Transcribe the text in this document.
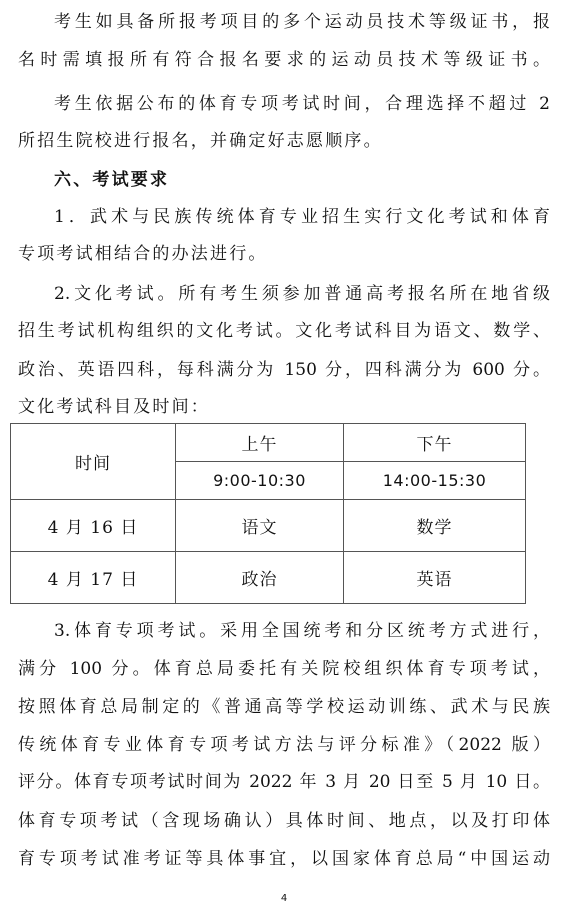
考生如具备所报考项目的多个运动员技术等级证书，报
名时需填报所有符合报名要求的运动员技术等级证书。
考生依据公布的体育专项考试时间，合理选择不超过 2
所招生院校进行报名，并确定好志愿顺序。
六、考试要求
1．武术与民族传统体育专业招生实行文化考试和体育
专项考试相结合的办法进行。
2.文化考试。所有考生须参加普通高考报名所在地省级
招生考试机构组织的文化考试。文化考试科目为语文、数学、
政治、英语四科，每科满分为 150 分，四科满分为 600 分。
文化考试科目及时间：
时间	上午	下午
	9:00-10:30	14:00-15:30
4 月 16 日	语文	数学
4 月 17 日	政治	英语
3.体育专项考试。采用全国统考和分区统考方式进行，
满分 100 分。体育总局委托有关院校组织体育专项考试，
按照体育总局制定的《普通高等学校运动训练、武术与民族
传统体育专业体育专项考试方法与评分标准》（2022 版）
评分。体育专项考试时间为 2022 年 3 月 20 日至 5 月 10 日。
体育专项考试（含现场确认）具体时间、地点，以及打印体
育专项考试准考证等具体事宜，以国家体育总局“中国运动
4
